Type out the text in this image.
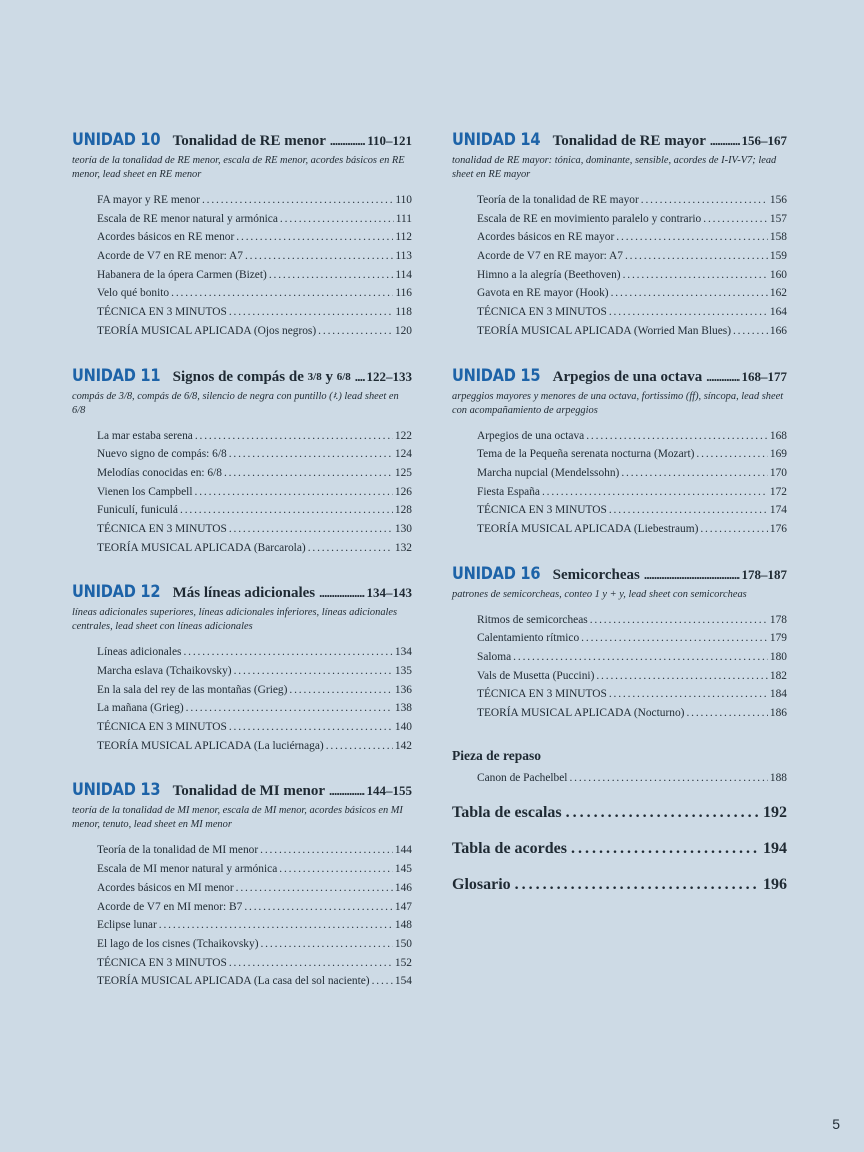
UNIDAD 10 Tonalidad de RE menor . . .	110–121
teoría de la tonalidad de RE menor, escala de RE menor, acordes básicos en RE menor, lead sheet en RE menor
FA mayor y RE menor . . .	110
Escala de RE menor natural y armónica . . .	111
Acordes básicos en RE menor . . .	112
Acorde de V7 en RE menor: A7 . . .	113
Habanera de la ópera Carmen (Bizet) . . .	114
Velo qué bonito . . .	116
TÉCNICA EN 3 MINUTOS . . .	118
TEORÍA MUSICAL APLICADA (Ojos negros) . . .	120
UNIDAD 11 Signos de compás de 3/8 y 6/8 . . . 122–133
compás de 3/8, compás de 6/8, silencio de negra con puntillo (𝄽.) lead sheet en 6/8
La mar estaba serena . . .	122
Nuevo signo de compás: 6/8 . . .	124
Melodías conocidas en: 6/8 . . .	125
Vienen los Campbell . . .	126
Funiculí, funiculá . . .	128
TÉCNICA EN 3 MINUTOS . . .	130
TEORÍA MUSICAL APLICADA (Barcarola) . . .	132
UNIDAD 12 Más líneas adicionales . . .	134–143
líneas adicionales superiores, líneas adicionales inferiores, líneas adicionales centrales, lead sheet con líneas adicionales
Líneas adicionales . . .	134
Marcha eslava (Tchaikovsky) . . .	135
En la sala del rey de las montañas (Grieg) . . .	136
La mañana (Grieg) . . .	138
TÉCNICA EN 3 MINUTOS . . .	140
TEORÍA MUSICAL APLICADA (La luciérnaga) . . .	142
UNIDAD 13 Tonalidad de MI menor . . .	144–155
teoría de la tonalidad de MI menor, escala de MI menor, acordes básicos en MI menor, tenuto, lead sheet en MI menor
Teoría de la tonalidad de MI menor . . .	144
Escala de MI menor natural y armónica . . .	145
Acordes básicos en MI menor . . .	146
Acorde de V7 en MI menor: B7 . . .	147
Eclipse lunar . . .	148
El lago de los cisnes (Tchaikovsky) . . .	150
TÉCNICA EN 3 MINUTOS . . .	152
TEORÍA MUSICAL APLICADA (La casa del sol naciente) . . . 154
UNIDAD 14 Tonalidad de RE mayor . . .	156–167
tonalidad de RE mayor: tónica, dominante, sensible, acordes de I-IV-V7; lead sheet en RE mayor
Teoría de la tonalidad de RE mayor . . .	156
Escala de RE en movimiento paralelo y contrario . . .	157
Acordes básicos en RE mayor . . .	158
Acorde de V7 en RE mayor: A7 . . .	159
Himno a la alegría (Beethoven) . . .	160
Gavota en RE mayor (Hook) . . .	162
TÉCNICA EN 3 MINUTOS . . .	164
TEORÍA MUSICAL APLICADA (Worried Man Blues) . . .	166
UNIDAD 15 Arpegios de una octava . . .	168–177
arpeggios mayores y menores de una octava, fortissimo (ff), síncopa, lead sheet con acompañamiento de arpeggios
Arpegios de una octava . . .	168
Tema de la Pequeña serenata nocturna (Mozart) . . .	169
Marcha nupcial (Mendelssohn) . . .	170
Fiesta España . . .	172
TÉCNICA EN 3 MINUTOS . . .	174
TEORÍA MUSICAL APLICADA (Liebestraum) . . .	176
UNIDAD 16 Semicorcheas . . .	178–187
patrones de semicorcheas, conteo 1 y + y, lead sheet con semicorcheas
Ritmos de semicorcheas . . .	178
Calentamiento rítmico . . .	179
Saloma . . .	180
Vals de Musetta (Puccini) . . .	182
TÉCNICA EN 3 MINUTOS . . .	184
TEORÍA MUSICAL APLICADA (Nocturno) . . .	186
Pieza de repaso
Canon de Pachelbel . . .	188
Tabla de escalas . . .	192
Tabla de acordes . . .	194
Glosario . . .	196
5
